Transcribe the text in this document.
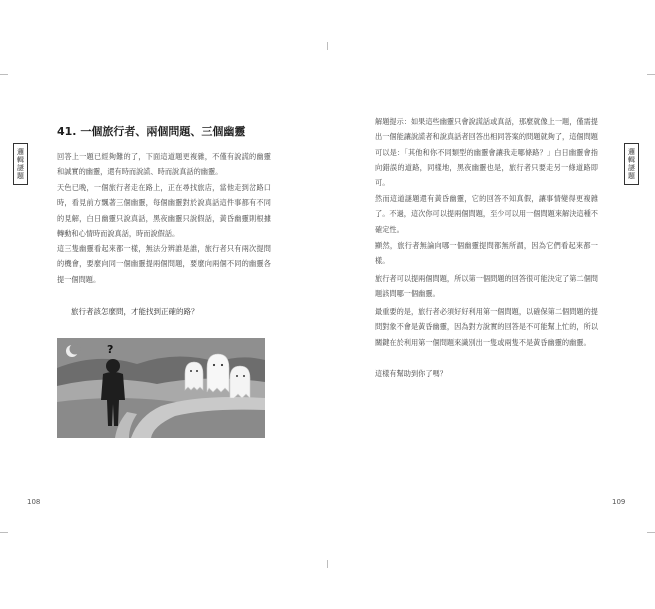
邏輯謎題
41. 一個旅行者、兩個問題、三個幽靈

回答上一題已經夠難的了，下面這道題更複雜，不僅有說謊的幽靈和誠實的幽靈，還有時而說謊、時而說真話的幽靈。

天色已晚，一個旅行者走在路上，正在尋找旅店，當他走到岔路口時，看見前方飄著三個幽靈，每個幽靈對於說真話這件事都有不同的見解，白日幽靈只說真話，黑夜幽靈只說假話，黃昏幽靈則根據轉動和心情時而說真話，時而說假話。

這三隻幽靈看起來都一樣，無法分辨誰是誰，旅行者只有兩次提問的機會，要麼向同一個幽靈提兩個問題，要麼向兩個不同的幽靈各提一個問題。

旅行者該怎麼問，才能找到正確的路？
?
108
邏輯謎題

解題提示：如果這些幽靈只會說謊話或真話，那麼就像上一題，僅需提出一個能讓說謊者和說真話者回答出相同答案的問題就夠了，這個問題可以是：「其他和你不同類型的幽靈會讓我走哪條路？」白日幽靈會指向錯誤的道路，同樣地，黑夜幽靈也是，旅行者只要走另一條道路即可。

然而這道謎題還有黃昏幽靈，它的回答不知真假，讓事情變得更複雜了。不過，這次你可以提兩個問題，至少可以用一個問題來解決這種不確定性。

顯然，旅行者無論向哪一個幽靈提問都無所謂，因為它們看起來都一樣。

旅行者可以提兩個問題，所以第一個問題的回答很可能決定了第二個問題該問哪一個幽靈。

最重要的是，旅行者必須好好利用第一個問題，以確保第二個問題的提問對象不會是黃昏幽靈，因為對方說實的回答是不可能幫上忙的，所以關鍵在於利用第一個問題來識別出一隻或兩隻不是黃昏幽靈的幽靈。

這樣有幫助到你了嗎？

109
